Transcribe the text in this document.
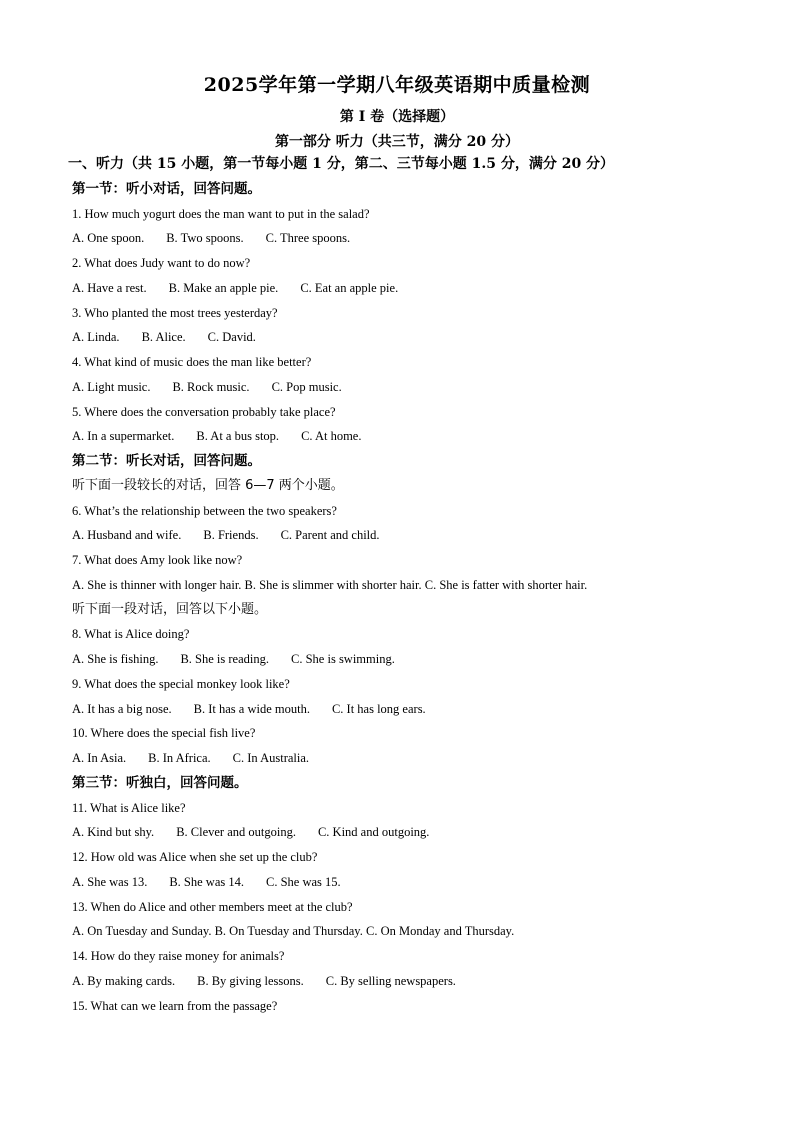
2025学年第一学期八年级英语期中质量检测
第 I 卷（选择题）
第一部分 听力（共三节，满分 20 分）
一、听力（共 15 小题，第一节每小题 1 分，第二、三节每小题 1.5 分，满分 20 分）
第一节：听小对话，回答问题。
1. How much yogurt does the man want to put in the salad?
A. One spoon. B. Two spoons. C. Three spoons.
2. What does Judy want to do now?
A. Have a rest. B. Make an apple pie. C. Eat an apple pie.
3. Who planted the most trees yesterday?
A. Linda. B. Alice. C. David.
4. What kind of music does the man like better?
A. Light music. B. Rock music. C. Pop music.
5. Where does the conversation probably take place?
A. In a supermarket. B. At a bus stop. C. At home.
第二节：听长对话，回答问题。
听下面一段较长的对话，回答 6—7 两个小题。
6. What’s the relationship between the two speakers?
A. Husband and wife. B. Friends. C. Parent and child.
7. What does Amy look like now?
A. She is thinner with longer hair. B. She is slimmer with shorter hair. C. She is fatter with shorter hair.
听下面一段对话，回答以下小题。
8. What is Alice doing?
A. She is fishing. B. She is reading. C. She is swimming.
9. What does the special monkey look like?
A. It has a big nose. B. It has a wide mouth. C. It has long ears.
10. Where does the special fish live?
A. In Asia. B. In Africa. C. In Australia.
第三节：听独白，回答问题。
11. What is Alice like?
A. Kind but shy. B. Clever and outgoing. C. Kind and outgoing.
12. How old was Alice when she set up the club?
A. She was 13. B. She was 14. C. She was 15.
13. When do Alice and other members meet at the club?
A. On Tuesday and Sunday. B. On Tuesday and Thursday. C. On Monday and Thursday.
14. How do they raise money for animals?
A. By making cards. B. By giving lessons. C. By selling newspapers.
15. What can we learn from the passage?
